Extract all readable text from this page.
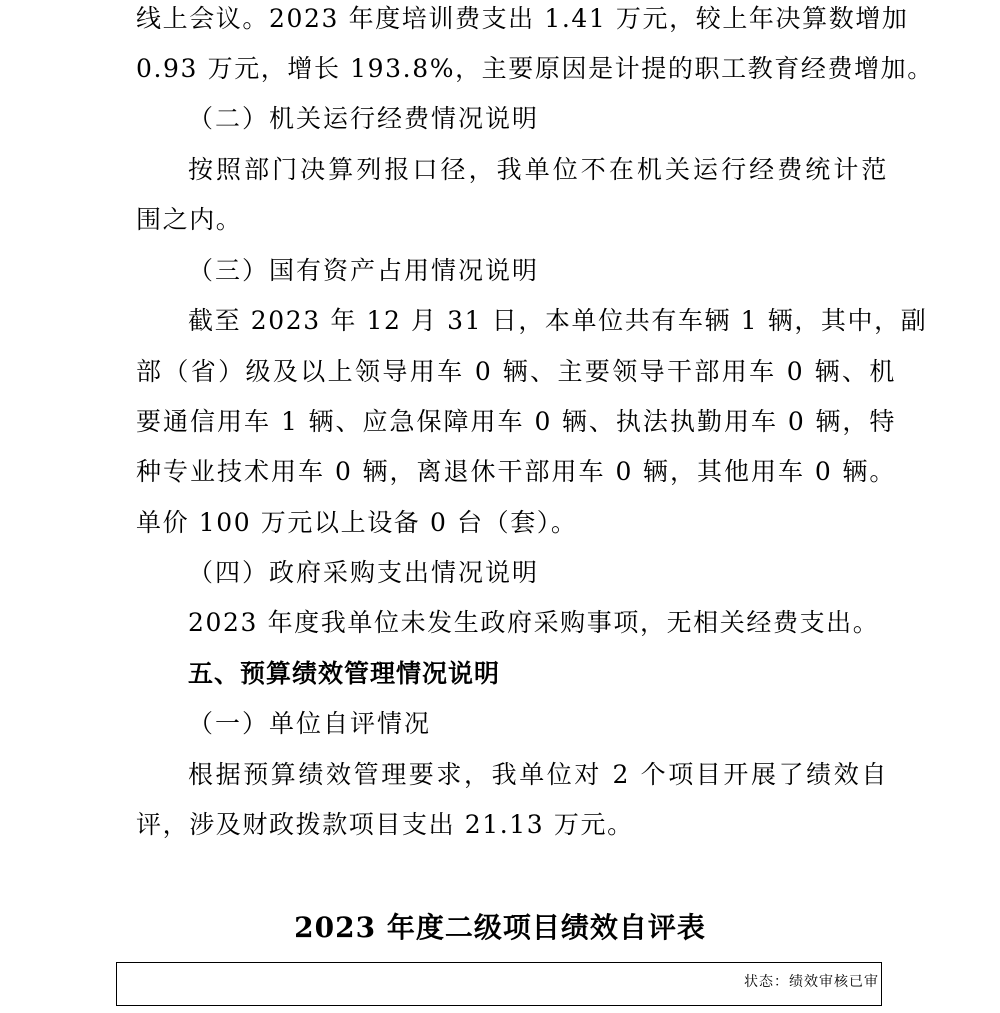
线上会议。2023 年度培训费支出 1.41 万元，较上年决算数增加
0.93 万元，增长 193.8%，主要原因是计提的职工教育经费增加。
（二）机关运行经费情况说明
按照部门决算列报口径，我单位不在机关运行经费统计范
围之内。
（三）国有资产占用情况说明
截至 2023 年 12 月 31 日，本单位共有车辆 1 辆，其中，副
部（省）级及以上领导用车 0 辆、主要领导干部用车 0 辆、机
要通信用车 1 辆、应急保障用车 0 辆、执法执勤用车 0 辆，特
种专业技术用车 0 辆，离退休干部用车 0 辆，其他用车 0 辆。
单价 100 万元以上设备 0 台（套）。
（四）政府采购支出情况说明
2023 年度我单位未发生政府采购事项，无相关经费支出。
五、预算绩效管理情况说明
（一）单位自评情况
根据预算绩效管理要求，我单位对 2 个项目开展了绩效自
评，涉及财政拨款项目支出 21.13 万元。
2023 年度二级项目绩效自评表
状态：绩效审核已审
